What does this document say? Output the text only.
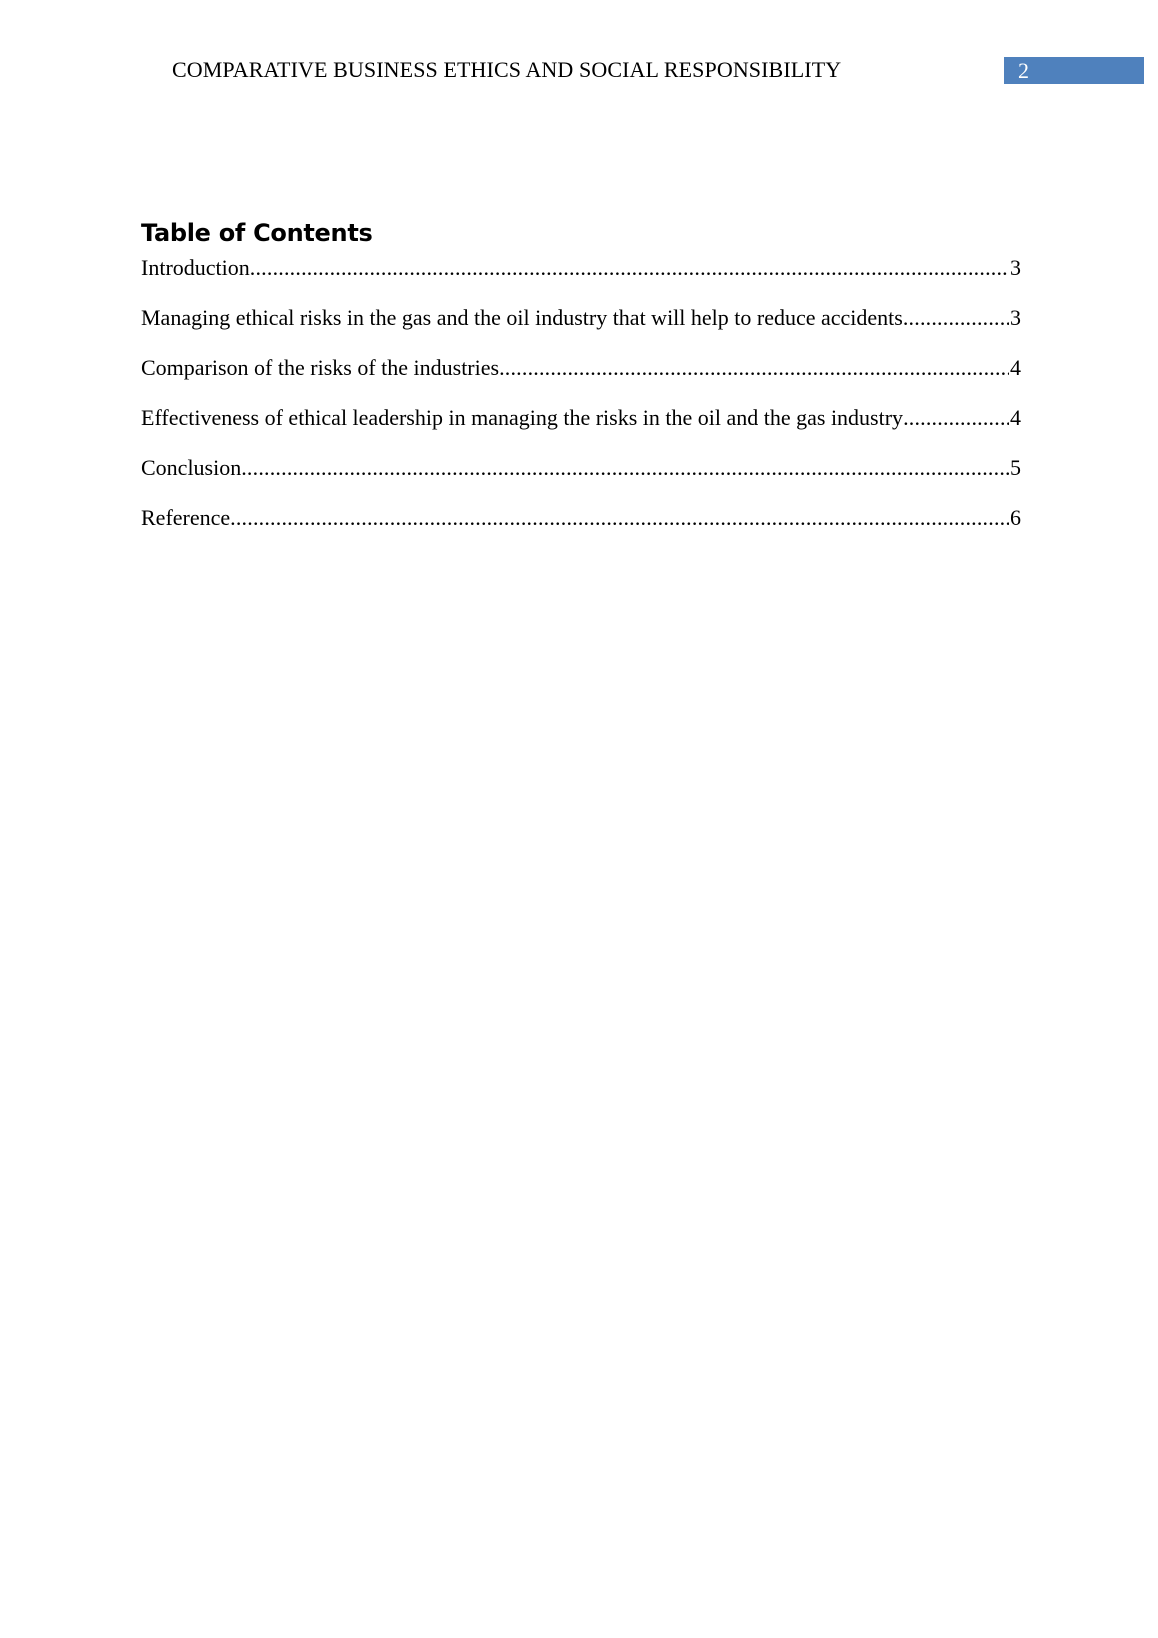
COMPARATIVE BUSINESS ETHICS AND SOCIAL RESPONSIBILITY	2
Table of Contents
Introduction .....	3
Managing ethical risks in the gas and the oil industry that will help to reduce accidents .....	3
Comparison of the risks of the industries .....	4
Effectiveness of ethical leadership in managing the risks in the oil and the gas industry .....	4
Conclusion .....	5
Reference .....	6
